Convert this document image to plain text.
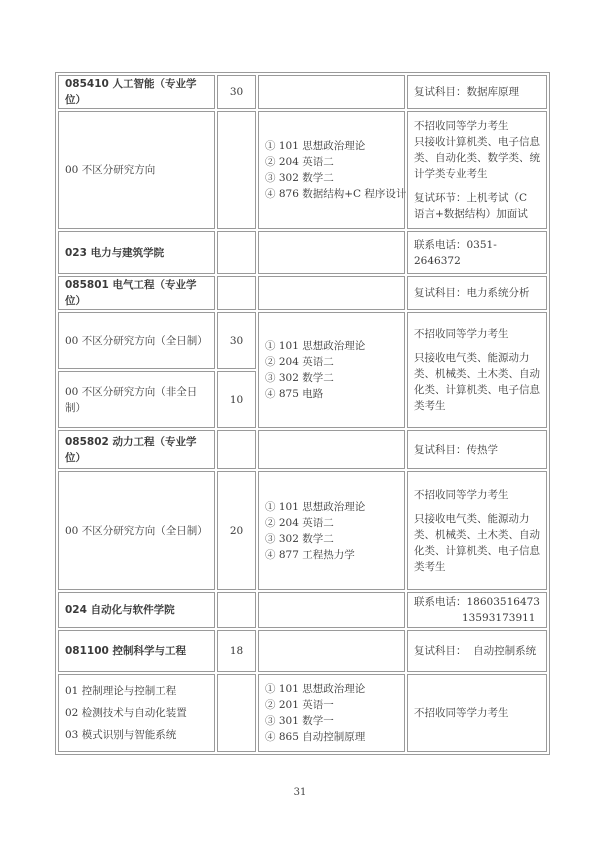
085410 人工智能（专业学位）	30		复试科目：数据库原理
00 不区分研究方向		① 101 思想政治理论
② 204 英语二
③ 302 数学二
④ 876 数据结构+C 程序设计	不招收同等学力考生
只接收计算机类、电子信息类、自动化类、数学类、统计学类专业考生
复试环节：上机考试（C 语言+数据结构）加面试

023 电力与建筑学院			联系电话：0351-2646372
085801 电气工程（专业学位）			复试科目：电力系统分析
00 不区分研究方向（全日制）	30	① 101 思想政治理论
② 204 英语二
③ 302 数学二
④ 875 电路	不招收同等学力考生
只接收电气类、能源动力类、机械类、土木类、自动化类、计算机类、电子信息类考生

00 不区分研究方向（非全日制）	10		
085802 动力工程（专业学位）			复试科目：传热学
00 不区分研究方向（全日制）	20	① 101 思想政治理论
② 204 英语二
③ 302 数学二
④ 877 工程热力学	不招收同等学力考生
只接收电气类、能源动力类、机械类、土木类、自动化类、计算机类、电子信息类考生

024 自动化与软件学院			联系电话：18603516473
13593173911

081100 控制科学与工程	18		复试科目：  自动控制系统

01 控制理论与控制工程
02 检测技术与自动化装置
03 模式识别与智能系统		① 101 思想政治理论
② 201 英语一
③ 301 数学一
④ 865 自动控制原理	不招收同等学力考生
31
